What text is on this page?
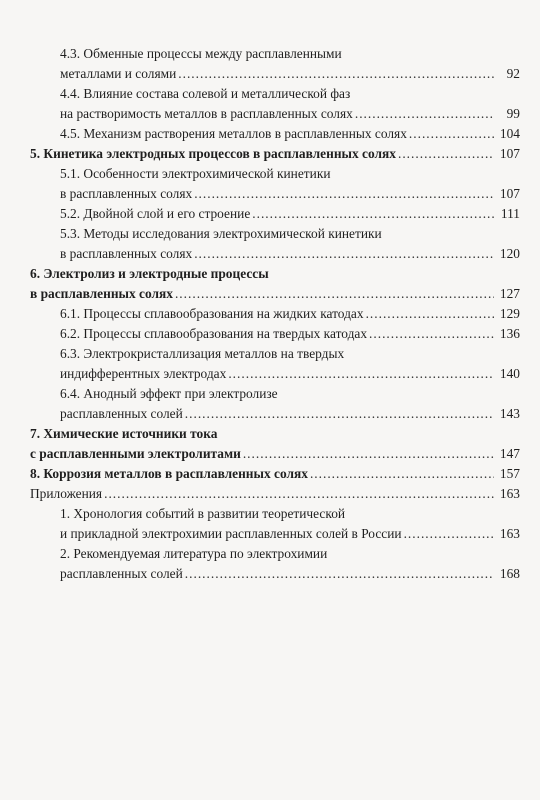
4.3. Обменные процессы между расплавленными
металлами и солями .....	92
4.4. Влияние состава солевой и металлической фаз
на растворимость металлов в расплавленных солях .....	99
4.5. Механизм растворения металлов в расплавленных солях .....	104
5. Кинетика электродных процессов в расплавленных солях .....	107
5.1. Особенности электрохимической кинетики
в расплавленных солях .....	107
5.2. Двойной слой и его строение .....	111
5.3. Методы исследования электрохимической кинетики
в расплавленных солях .....	120
6. Электролиз и электродные процессы
в расплавленных солях .....	127
6.1. Процессы сплавообразования на жидких катодах .....	129
6.2. Процессы сплавообразования на твердых катодах .....	136
6.3. Электрокристаллизация металлов на твердых
индифферентных электродах .....	140
6.4. Анодный эффект при электролизе
расплавленных солей .....	143
7. Химические источники тока
с расплавленными электролитами .....	147
8. Коррозия металлов в расплавленных солях .....	157
Приложения .....	163
1. Хронология событий в развитии теоретической
и прикладной электрохимии расплавленных солей в России .....	163
2. Рекомендуемая литература по электрохимии
расплавленных солей .....	168
